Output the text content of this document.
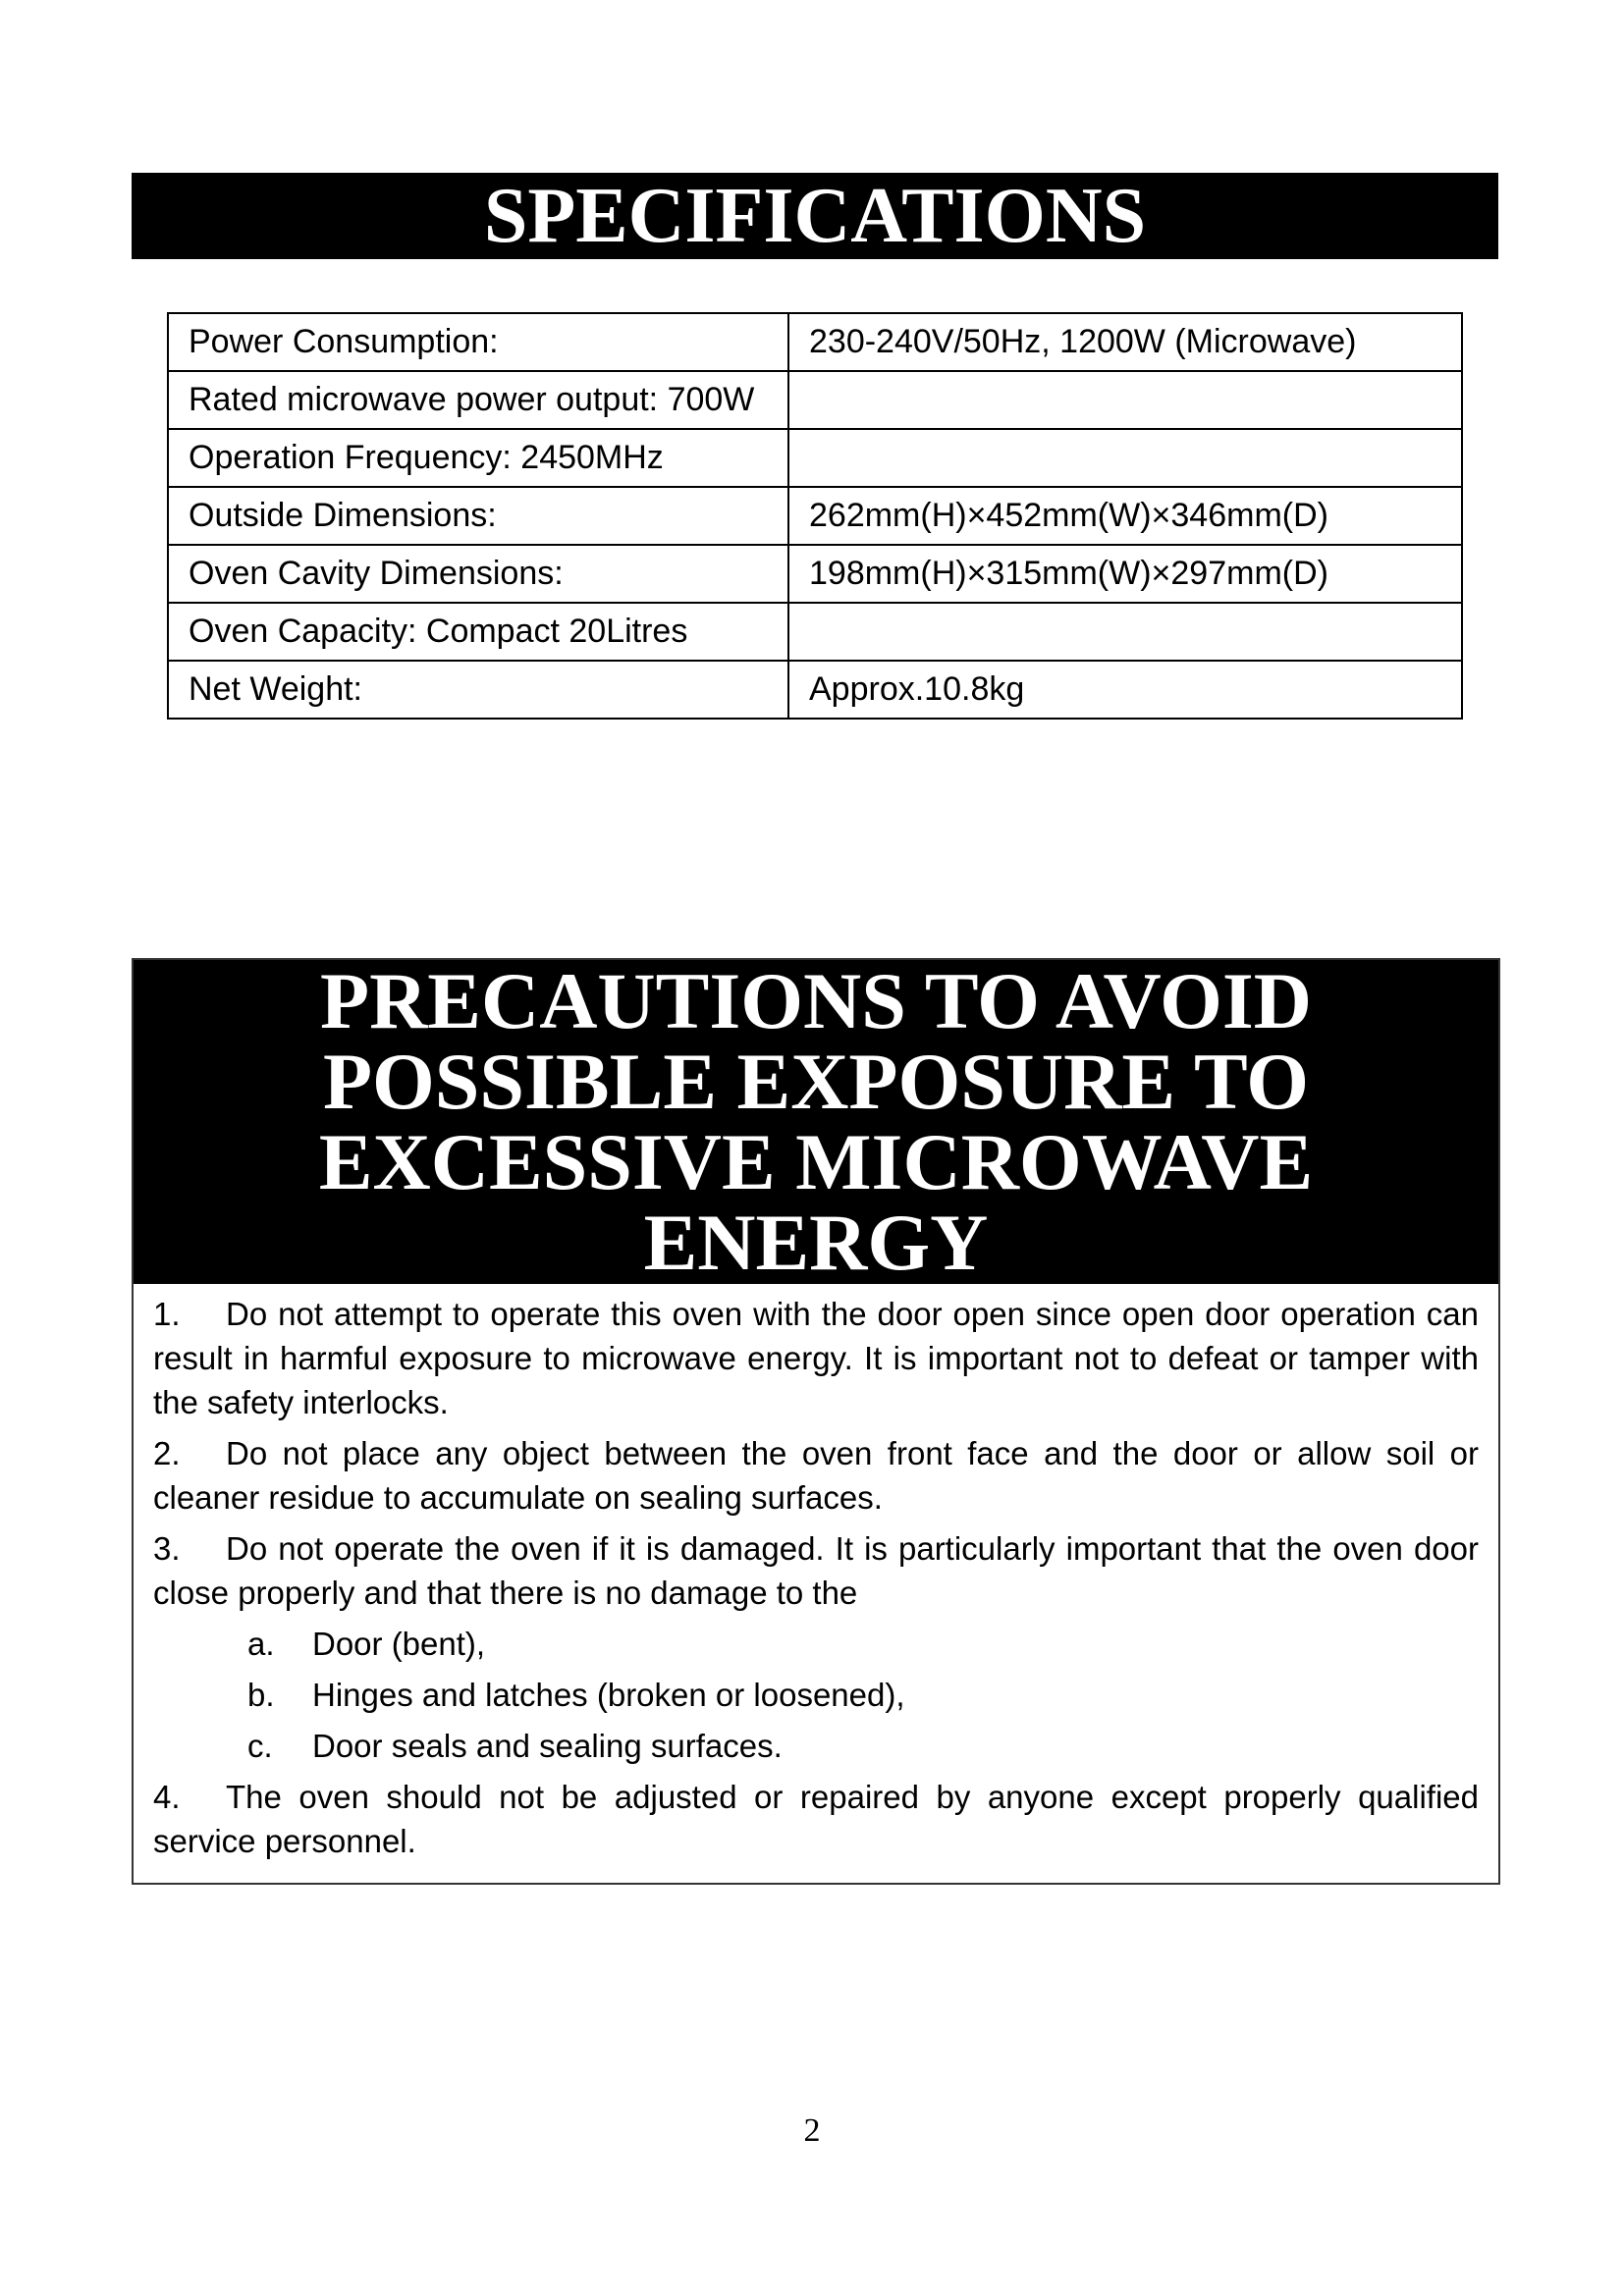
SPECIFICATIONS
Power Consumption:	230-240V/50Hz, 1200W (Microwave)
Rated microwave power output: 700W	
Operation Frequency: 2450MHz	
Outside Dimensions:	262mm(H)×452mm(W)×346mm(D)
Oven Cavity Dimensions:	198mm(H)×315mm(W)×297mm(D)
Oven Capacity: Compact 20Litres	
Net Weight:	Approx.10.8kg
PRECAUTIONS TO AVOID
POSSIBLE EXPOSURE TO
EXCESSIVE MICROWAVE
ENERGY
1. Do not attempt to operate this oven with the door open since open door operation can result in harmful exposure to microwave energy. It is important not to defeat or tamper with the safety interlocks.
2. Do not place any object between the oven front face and the door or allow soil or cleaner residue to accumulate on sealing surfaces.
3. Do not operate the oven if it is damaged. It is particularly important that the oven door close properly and that there is no damage to the
a. Door (bent),
b. Hinges and latches (broken or loosened),
c. Door seals and sealing surfaces.
4. The oven should not be adjusted or repaired by anyone except properly qualified service personnel.
2
